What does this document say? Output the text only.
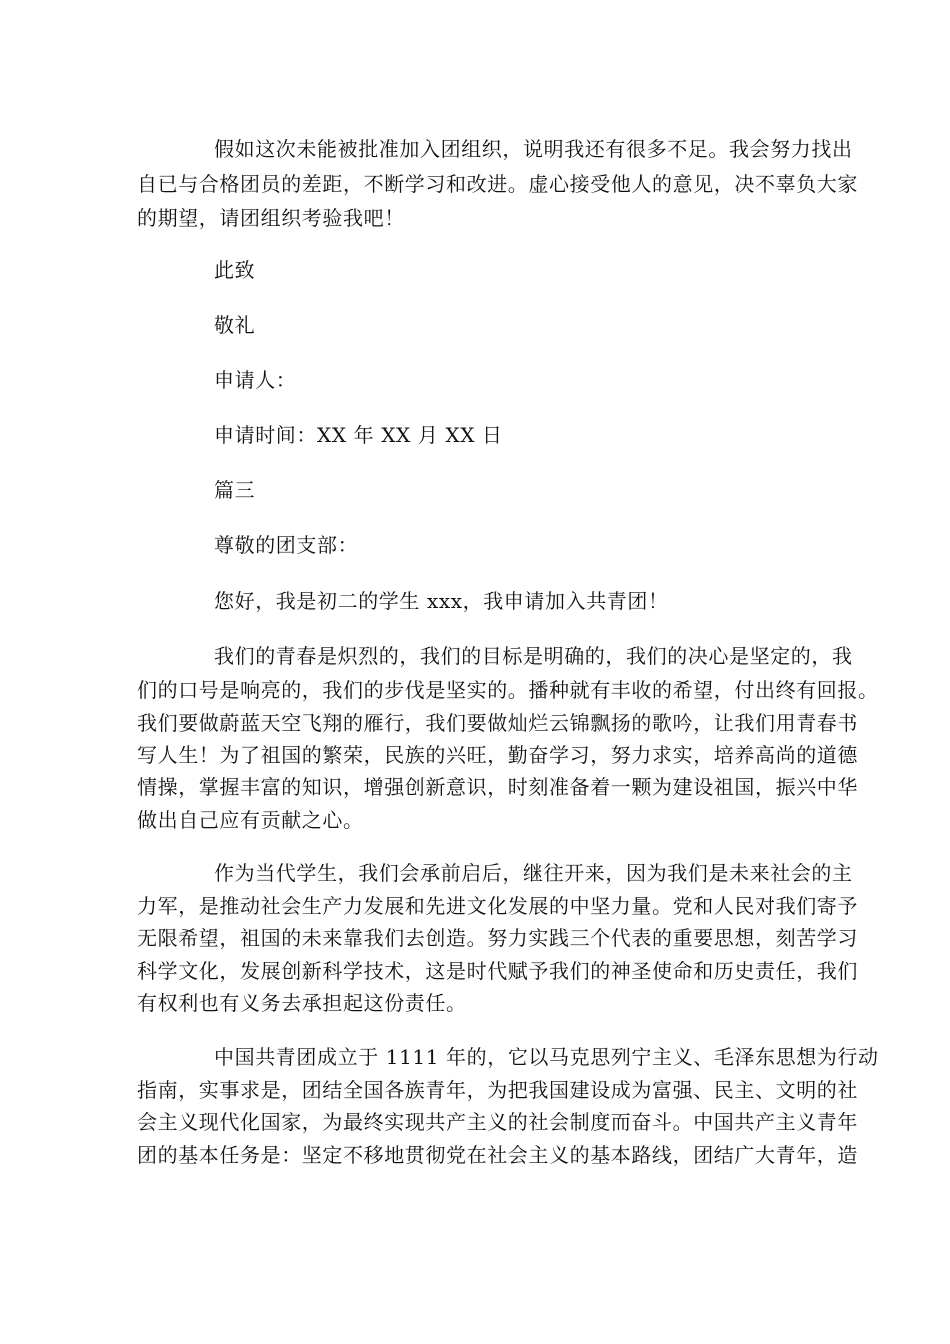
假如这次未能被批准加入团组织，说明我还有很多不足。我会努力找出
自已与合格团员的差距，不断学习和改进。虚心接受他人的意见，决不辜负大家
的期望，请团组织考验我吧！
此致
敬礼
申请人：
申请时间：XX 年 XX 月 XX 日
篇三
尊敬的团支部：
您好，我是初二的学生 xxx，我申请加入共青团！
我们的青春是炽烈的，我们的目标是明确的，我们的决心是坚定的，我
们的口号是响亮的，我们的步伐是坚实的。播种就有丰收的希望，付出终有回报。
我们要做蔚蓝天空飞翔的雁行，我们要做灿烂云锦飘扬的歌吟，让我们用青春书
写人生！为了祖国的繁荣，民族的兴旺，勤奋学习，努力求实，培养高尚的道德
情操，掌握丰富的知识，增强创新意识，时刻准备着一颗为建设祖国，振兴中华
做出自己应有贡献之心。
作为当代学生，我们会承前启后，继往开来，因为我们是未来社会的主
力军，是推动社会生产力发展和先进文化发展的中坚力量。党和人民对我们寄予
无限希望，祖国的未来靠我们去创造。努力实践三个代表的重要思想，刻苦学习
科学文化，发展创新科学技术，这是时代赋予我们的神圣使命和历史责任，我们
有权利也有义务去承担起这份责任。
中国共青团成立于 1111 年的，它以马克思列宁主义、毛泽东思想为行动
指南，实事求是，团结全国各族青年，为把我国建设成为富强、民主、文明的社
会主义现代化国家，为最终实现共产主义的社会制度而奋斗。中国共产主义青年
团的基本任务是：坚定不移地贯彻党在社会主义的基本路线，团结广大青年，造
